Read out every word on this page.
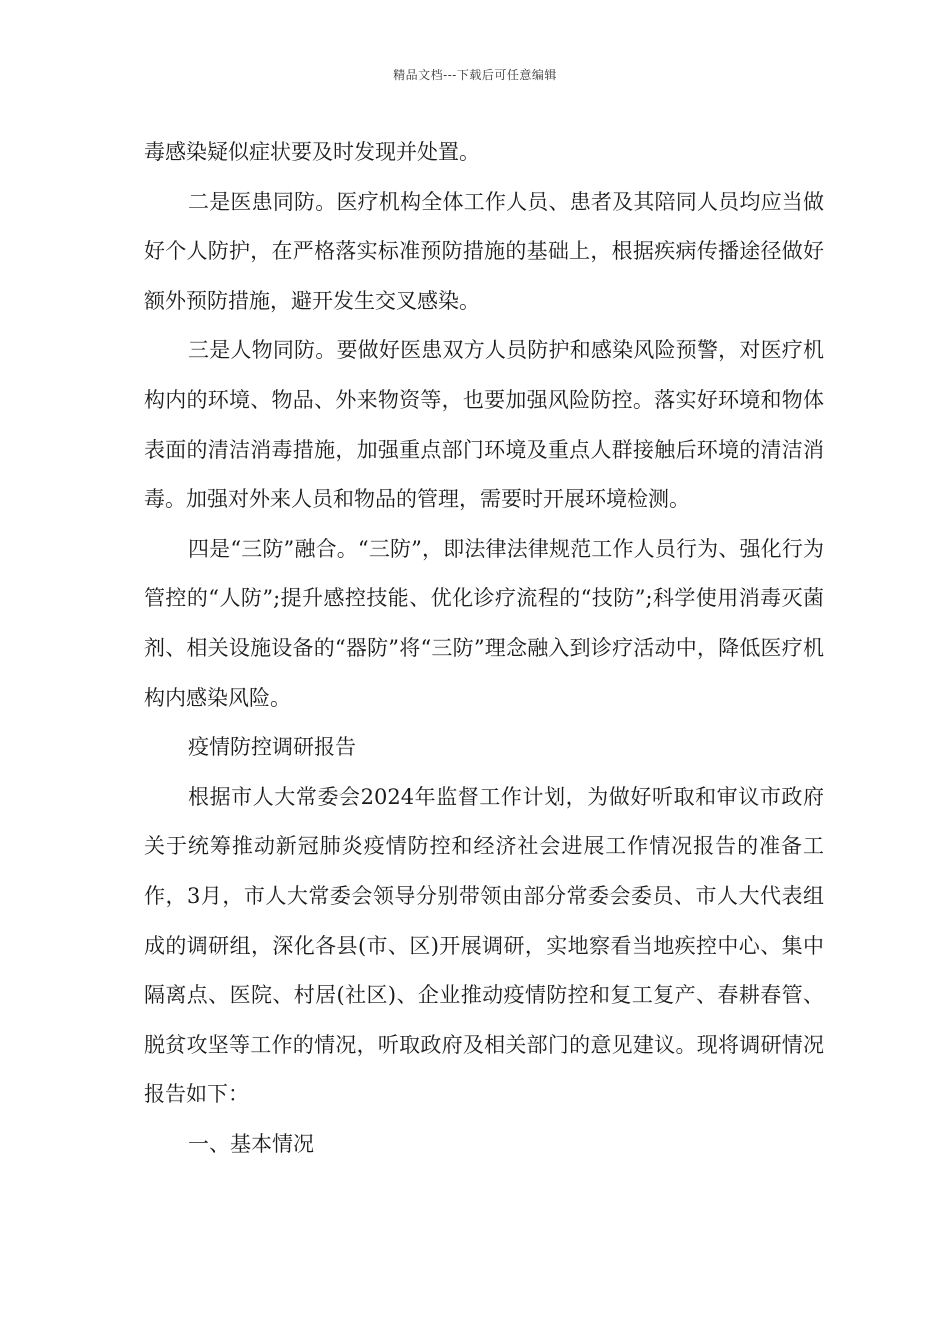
精品文档---下载后可任意编辑

毒感染疑似症状要及时发现并处置。

二是医患同防。医疗机构全体工作人员、患者及其陪同人员均应当做好个人防护，在严格落实标准预防措施的基础上，根据疾病传播途径做好额外预防措施，避开发生交叉感染。

三是人物同防。要做好医患双方人员防护和感染风险预警，对医疗机构内的环境、物品、外来物资等，也要加强风险防控。落实好环境和物体表面的清洁消毒措施，加强重点部门环境及重点人群接触后环境的清洁消毒。加强对外来人员和物品的管理，需要时开展环境检测。

四是“三防”融合。“三防”，即法律法律规范工作人员行为、强化行为管控的“人防”;提升感控技能、优化诊疗流程的“技防”;科学使用消毒灭菌剂、相关设施设备的“器防”将“三防”理念融入到诊疗活动中，降低医疗机构内感染风险。

疫情防控调研报告

根据市人大常委会2024年监督工作计划，为做好听取和审议市政府关于统筹推动新冠肺炎疫情防控和经济社会进展工作情况报告的准备工作，3月，市人大常委会领导分别带领由部分常委会委员、市人大代表组成的调研组，深化各县(市、区)开展调研，实地察看当地疾控中心、集中隔离点、医院、村居(社区)、企业推动疫情防控和复工复产、春耕春管、脱贫攻坚等工作的情况，听取政府及相关部门的意见建议。现将调研情况报告如下：

一、基本情况
